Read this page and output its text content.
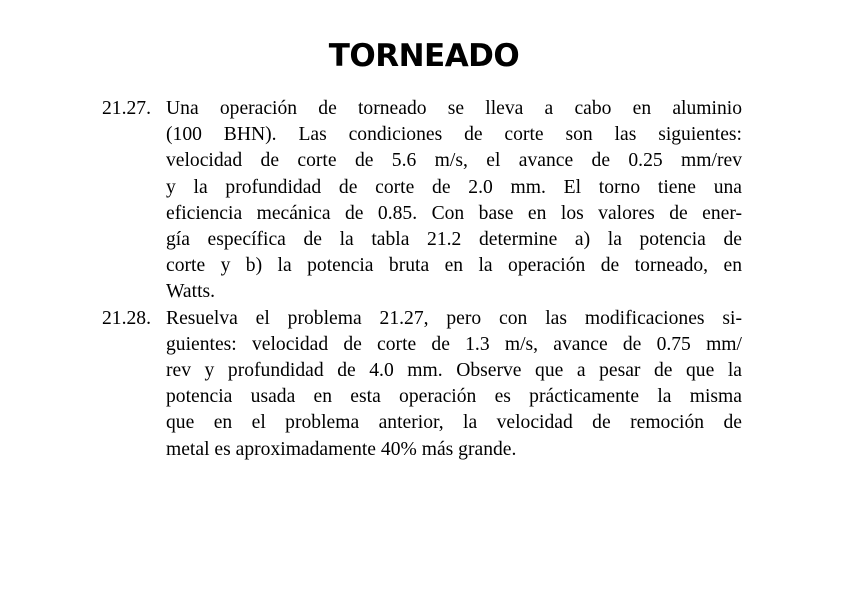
TORNEADO
21.27. Una operación de torneado se lleva a cabo en aluminio
(100 BHN). Las condiciones de corte son las siguientes:
velocidad de corte de 5.6 m/s, el avance de 0.25 mm/rev
y la profundidad de corte de 2.0 mm. El torno tiene una
eficiencia mecánica de 0.85. Con base en los valores de ener-
gía específica de la tabla 21.2 determine a) la potencia de
corte y b) la potencia bruta en la operación de torneado, en
Watts.
21.28. Resuelva el problema 21.27, pero con las modificaciones si-
guientes: velocidad de corte de 1.3 m/s, avance de 0.75 mm/
rev y profundidad de 4.0 mm. Observe que a pesar de que la
potencia usada en esta operación es prácticamente la misma
que en el problema anterior, la velocidad de remoción de
metal es aproximadamente 40% más grande.
